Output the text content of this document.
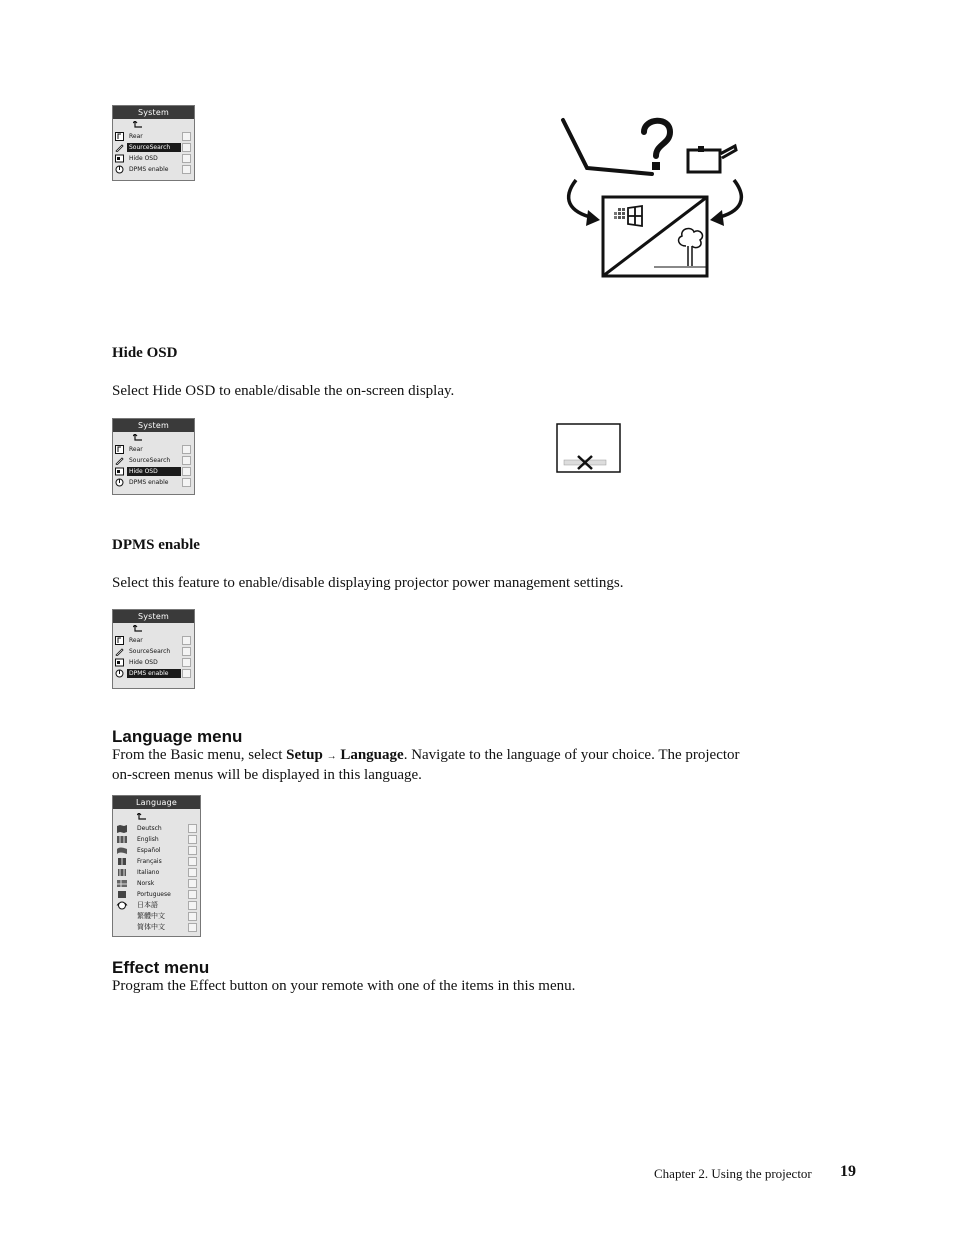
System
Rear
SourceSearch
Hide OSD
DPMS enable
Hide OSD
Select Hide OSD to enable/disable the on-screen display.
System
Rear
SourceSearch
Hide OSD
DPMS enable
DPMS enable
Select this feature to enable/disable displaying projector power management settings.
System
Rear
SourceSearch
Hide OSD
DPMS enable
Language menu
From the Basic menu, select Setup → Language. Navigate to the language of your choice. The projector
on-screen menus will be displayed in this language.
Language
Deutsch
English
Español
Français
Italiano
Norsk
Portuguese
日本語
繁體中文
简体中文
Effect menu
Program the Effect button on your remote with one of the items in this menu.
Chapter 2. Using the projector 19
